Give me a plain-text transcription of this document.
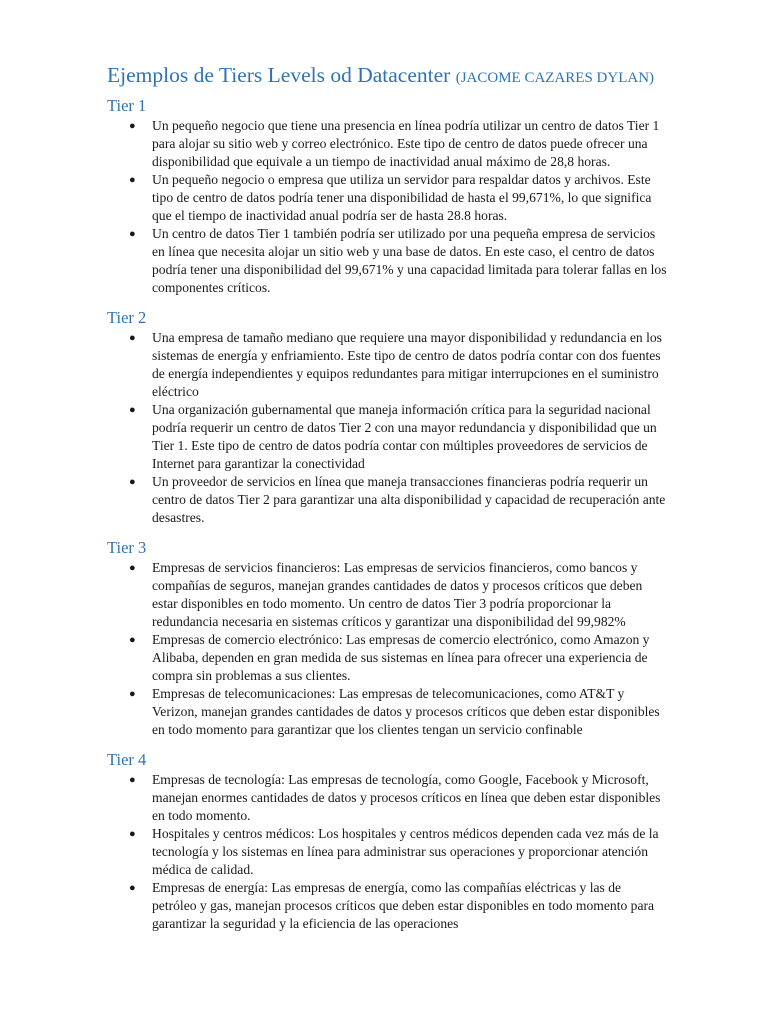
Ejemplos de Tiers Levels od Datacenter (JACOME CAZARES DYLAN)
Tier 1
● Un pequeño negocio que tiene una presencia en línea podría utilizar un centro de datos Tier 1 para alojar su sitio web y correo electrónico. Este tipo de centro de datos puede ofrecer una disponibilidad que equivale a un tiempo de inactividad anual máximo de 28,8 horas.
● Un pequeño negocio o empresa que utiliza un servidor para respaldar datos y archivos. Este tipo de centro de datos podría tener una disponibilidad de hasta el 99,671%, lo que significa que el tiempo de inactividad anual podría ser de hasta 28.8 horas.
● Un centro de datos Tier 1 también podría ser utilizado por una pequeña empresa de servicios en línea que necesita alojar un sitio web y una base de datos. En este caso, el centro de datos podría tener una disponibilidad del 99,671% y una capacidad limitada para tolerar fallas en los componentes críticos.
Tier 2
● Una empresa de tamaño mediano que requiere una mayor disponibilidad y redundancia en los sistemas de energía y enfriamiento. Este tipo de centro de datos podría contar con dos fuentes de energía independientes y equipos redundantes para mitigar interrupciones en el suministro eléctrico
● Una organización gubernamental que maneja información crítica para la seguridad nacional podría requerir un centro de datos Tier 2 con una mayor redundancia y disponibilidad que un Tier 1. Este tipo de centro de datos podría contar con múltiples proveedores de servicios de Internet para garantizar la conectividad
● Un proveedor de servicios en línea que maneja transacciones financieras podría requerir un centro de datos Tier 2 para garantizar una alta disponibilidad y capacidad de recuperación ante desastres.
Tier 3
● Empresas de servicios financieros: Las empresas de servicios financieros, como bancos y compañías de seguros, manejan grandes cantidades de datos y procesos críticos que deben estar disponibles en todo momento. Un centro de datos Tier 3 podría proporcionar la redundancia necesaria en sistemas críticos y garantizar una disponibilidad del 99,982%
● Empresas de comercio electrónico: Las empresas de comercio electrónico, como Amazon y Alibaba, dependen en gran medida de sus sistemas en línea para ofrecer una experiencia de compra sin problemas a sus clientes.
● Empresas de telecomunicaciones: Las empresas de telecomunicaciones, como AT&T y Verizon, manejan grandes cantidades de datos y procesos críticos que deben estar disponibles en todo momento para garantizar que los clientes tengan un servicio confinable
Tier 4
● Empresas de tecnología: Las empresas de tecnología, como Google, Facebook y Microsoft, manejan enormes cantidades de datos y procesos críticos en línea que deben estar disponibles en todo momento.
● Hospitales y centros médicos: Los hospitales y centros médicos dependen cada vez más de la tecnología y los sistemas en línea para administrar sus operaciones y proporcionar atención médica de calidad.
● Empresas de energía: Las empresas de energía, como las compañías eléctricas y las de petróleo y gas, manejan procesos críticos que deben estar disponibles en todo momento para garantizar la seguridad y la eficiencia de las operaciones
